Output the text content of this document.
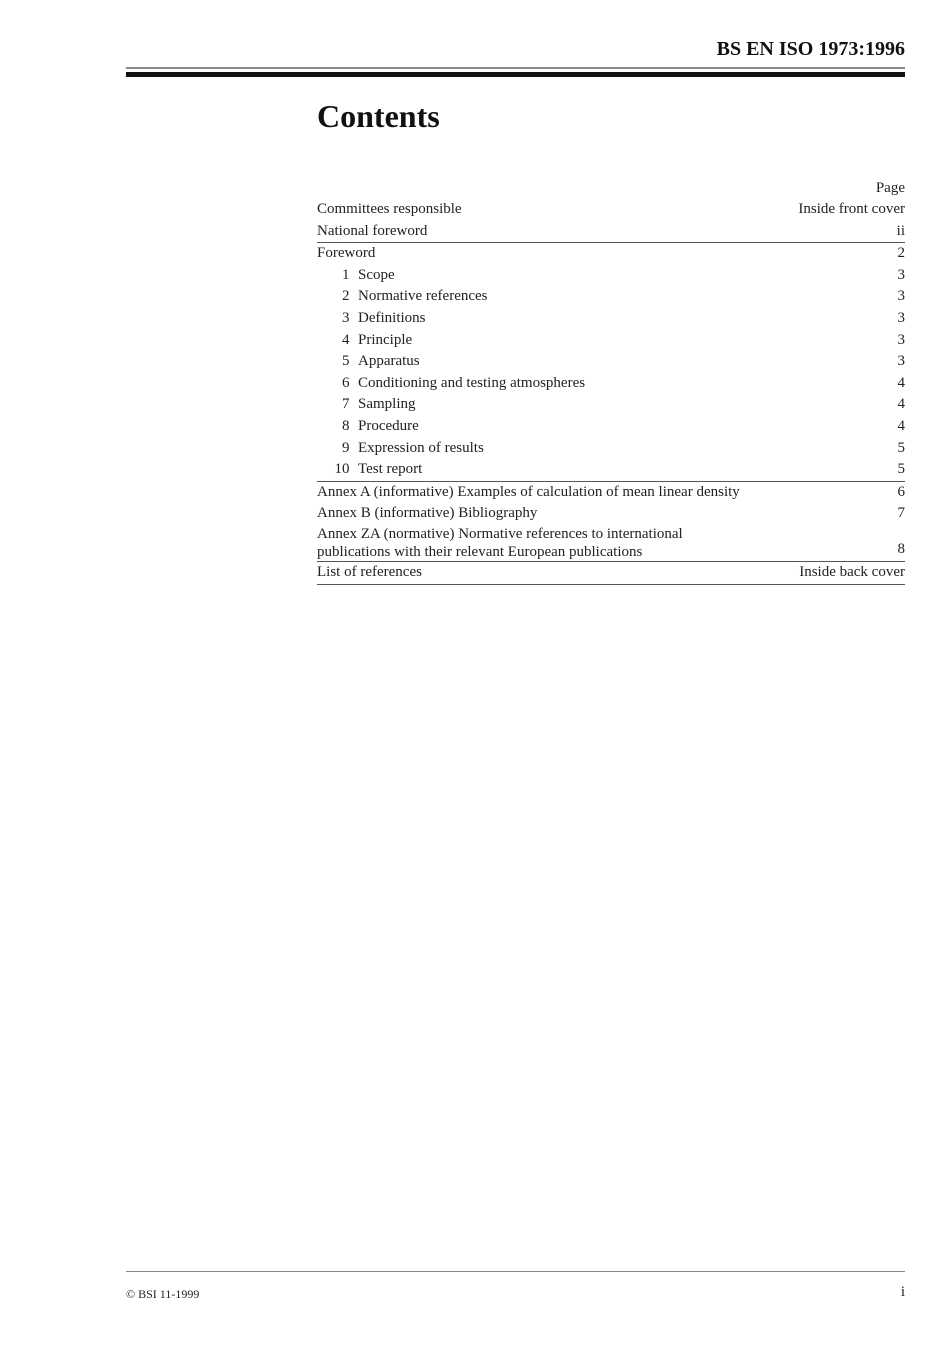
BS EN ISO 1973:1996
Contents
Page
Committees responsible	Inside front cover
National foreword	ii
Foreword	2
1 Scope	3
2 Normative references	3
3 Definitions	3
4 Principle	3
5 Apparatus	3
6 Conditioning and testing atmospheres	4
7 Sampling	4
8 Procedure	4
9 Expression of results	5
10 Test report	5
Annex A (informative) Examples of calculation of mean linear density	6
Annex B (informative) Bibliography	7
Annex ZA (normative) Normative references to international
publications with their relevant European publications	8
List of references	Inside back cover
© BSI 11-1999	i
